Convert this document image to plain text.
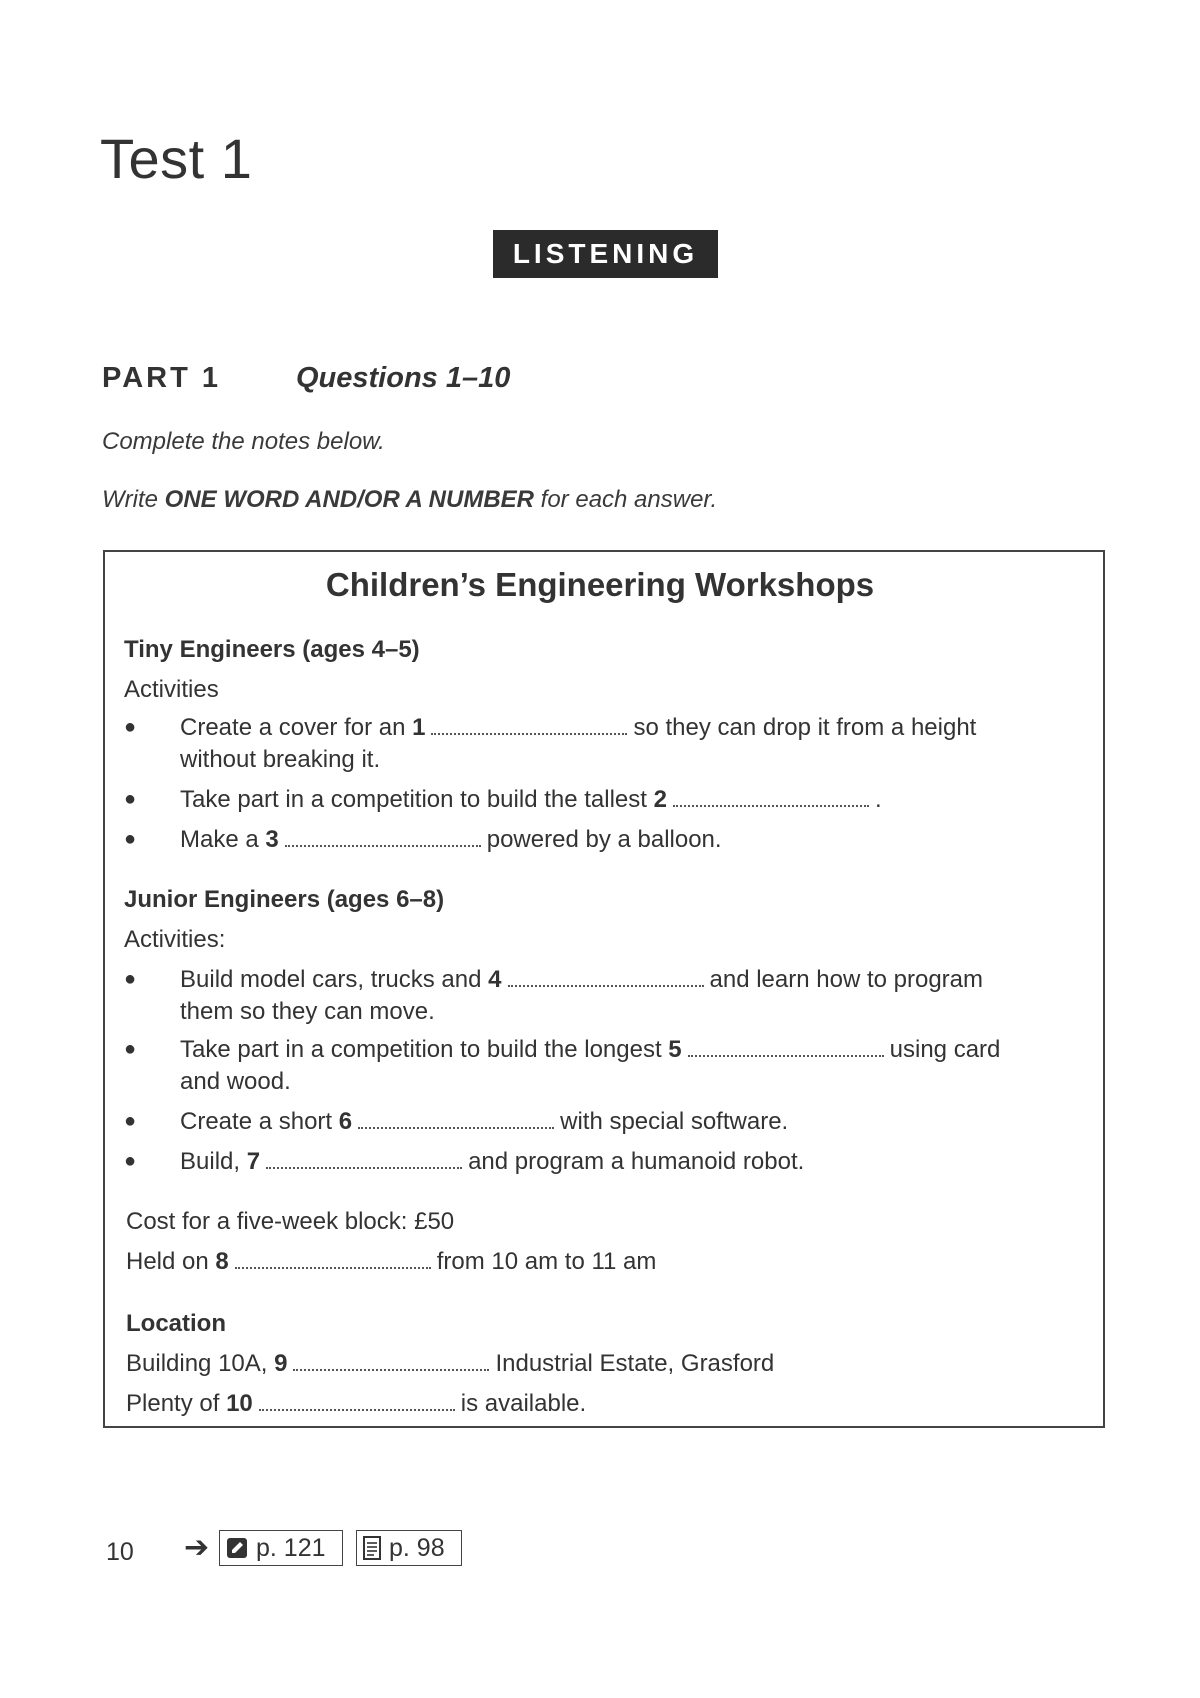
Test 1
LISTENING
PART 1	Questions 1–10
Complete the notes below.
Write ONE WORD AND/OR A NUMBER for each answer.
Children’s Engineering Workshops
Tiny Engineers (ages 4–5)
Activities
● Create a cover for an 1	so they can drop it from a height
without breaking it.
● Take part in a competition to build the tallest 2	.
● Make a 3	powered by a balloon.
Junior Engineers (ages 6–8)
Activities:
● Build model cars, trucks and 4	and learn how to program
them so they can move.
● Take part in a competition to build the longest 5	using card
and wood.
● Create a short 6	with special software.
● Build, 7	and program a humanoid robot.
Cost for a five-week block: £50
Held on 8	from 10 am to 11 am
Location
Building 10A, 9	Industrial Estate, Grasford
Plenty of 10	is available.
10 ➔ p. 121	p. 98
